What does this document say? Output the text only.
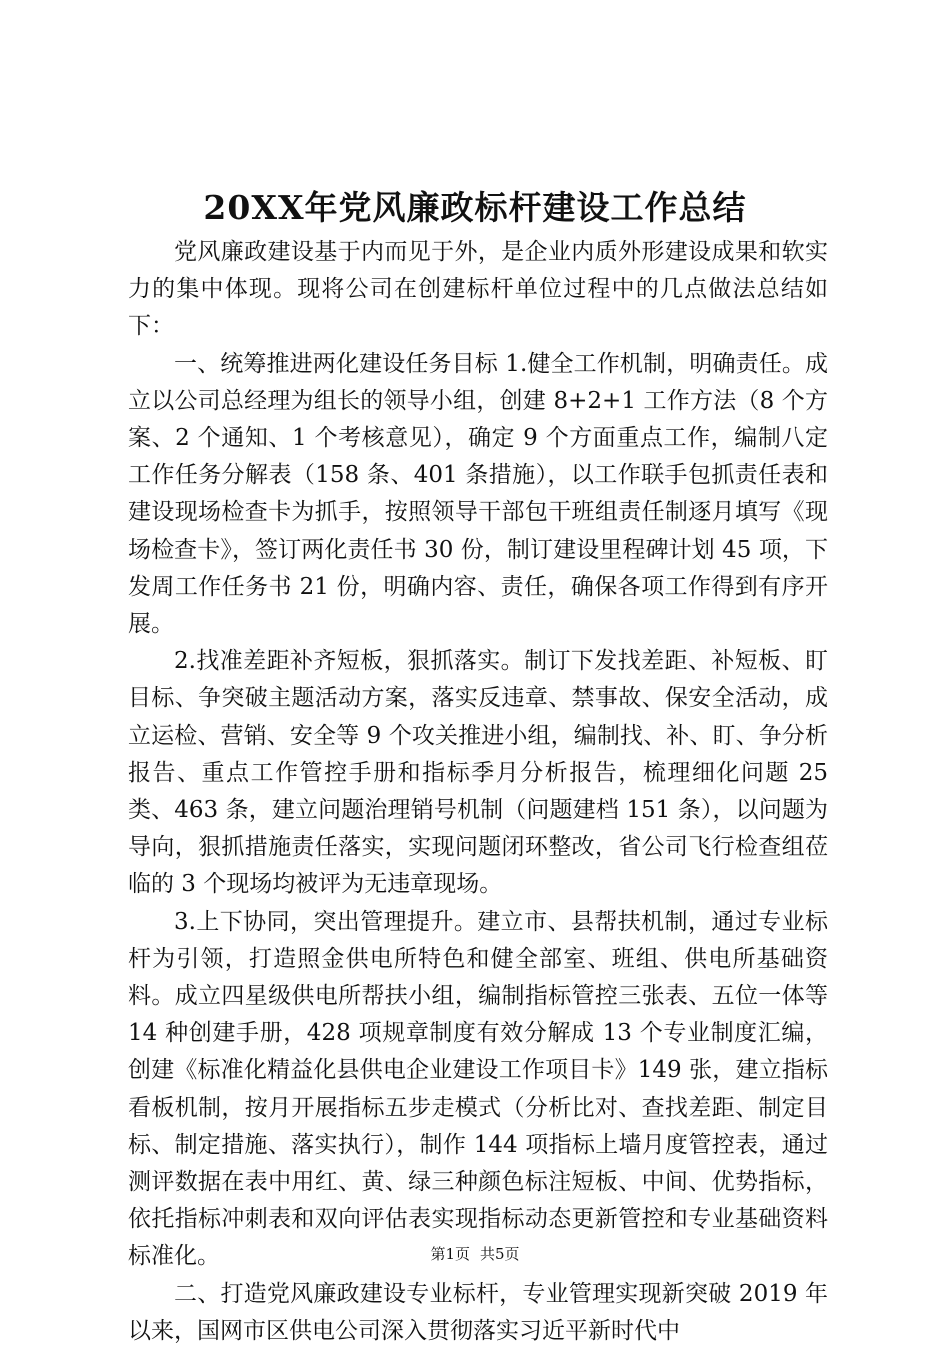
20XX年党风廉政标杆建设工作总结

党风廉政建设基于内而见于外，是企业内质外形建设成果和软实力的集中体现。现将公司在创建标杆单位过程中的几点做法总结如下：

一、统筹推进两化建设任务目标 1.健全工作机制，明确责任。成立以公司总经理为组长的领导小组，创建 8+2+1 工作方法（8 个方案、2 个通知、1 个考核意见），确定 9 个方面重点工作，编制八定工作任务分解表（158 条、401 条措施），以工作联手包抓责任表和建设现场检查卡为抓手，按照领导干部包干班组责任制逐月填写《现场检查卡》，签订两化责任书 30 份，制订建设里程碑计划 45 项，下发周工作任务书 21 份，明确内容、责任，确保各项工作得到有序开展。

2.找准差距补齐短板，狠抓落实。制订下发找差距、补短板、盯目标、争突破主题活动方案，落实反违章、禁事故、保安全活动，成立运检、营销、安全等 9 个攻关推进小组，编制找、补、盯、争分析报告、重点工作管控手册和指标季月分析报告，梳理细化问题 25 类、463 条，建立问题治理销号机制（问题建档 151 条），以问题为导向，狠抓措施责任落实，实现问题闭环整改，省公司飞行检查组莅临的 3 个现场均被评为无违章现场。

3.上下协同，突出管理提升。建立市、县帮扶机制，通过专业标杆为引领，打造照金供电所特色和健全部室、班组、供电所基础资料。成立四星级供电所帮扶小组，编制指标管控三张表、五位一体等 14 种创建手册，428 项规章制度有效分解成 13 个专业制度汇编，创建《标准化精益化县供电企业建设工作项目卡》149 张，建立指标看板机制，按月开展指标五步走模式（分析比对、查找差距、制定目标、制定措施、落实执行），制作 144 项指标上墙月度管控表，通过测评数据在表中用红、黄、绿三种颜色标注短板、中间、优势指标，依托指标冲刺表和双向评估表实现指标动态更新管控和专业基础资料标准化。

二、打造党风廉政建设专业标杆，专业管理实现新突破 2019 年以来，国网市区供电公司深入贯彻落实习近平新时代中

第1页 共5页
